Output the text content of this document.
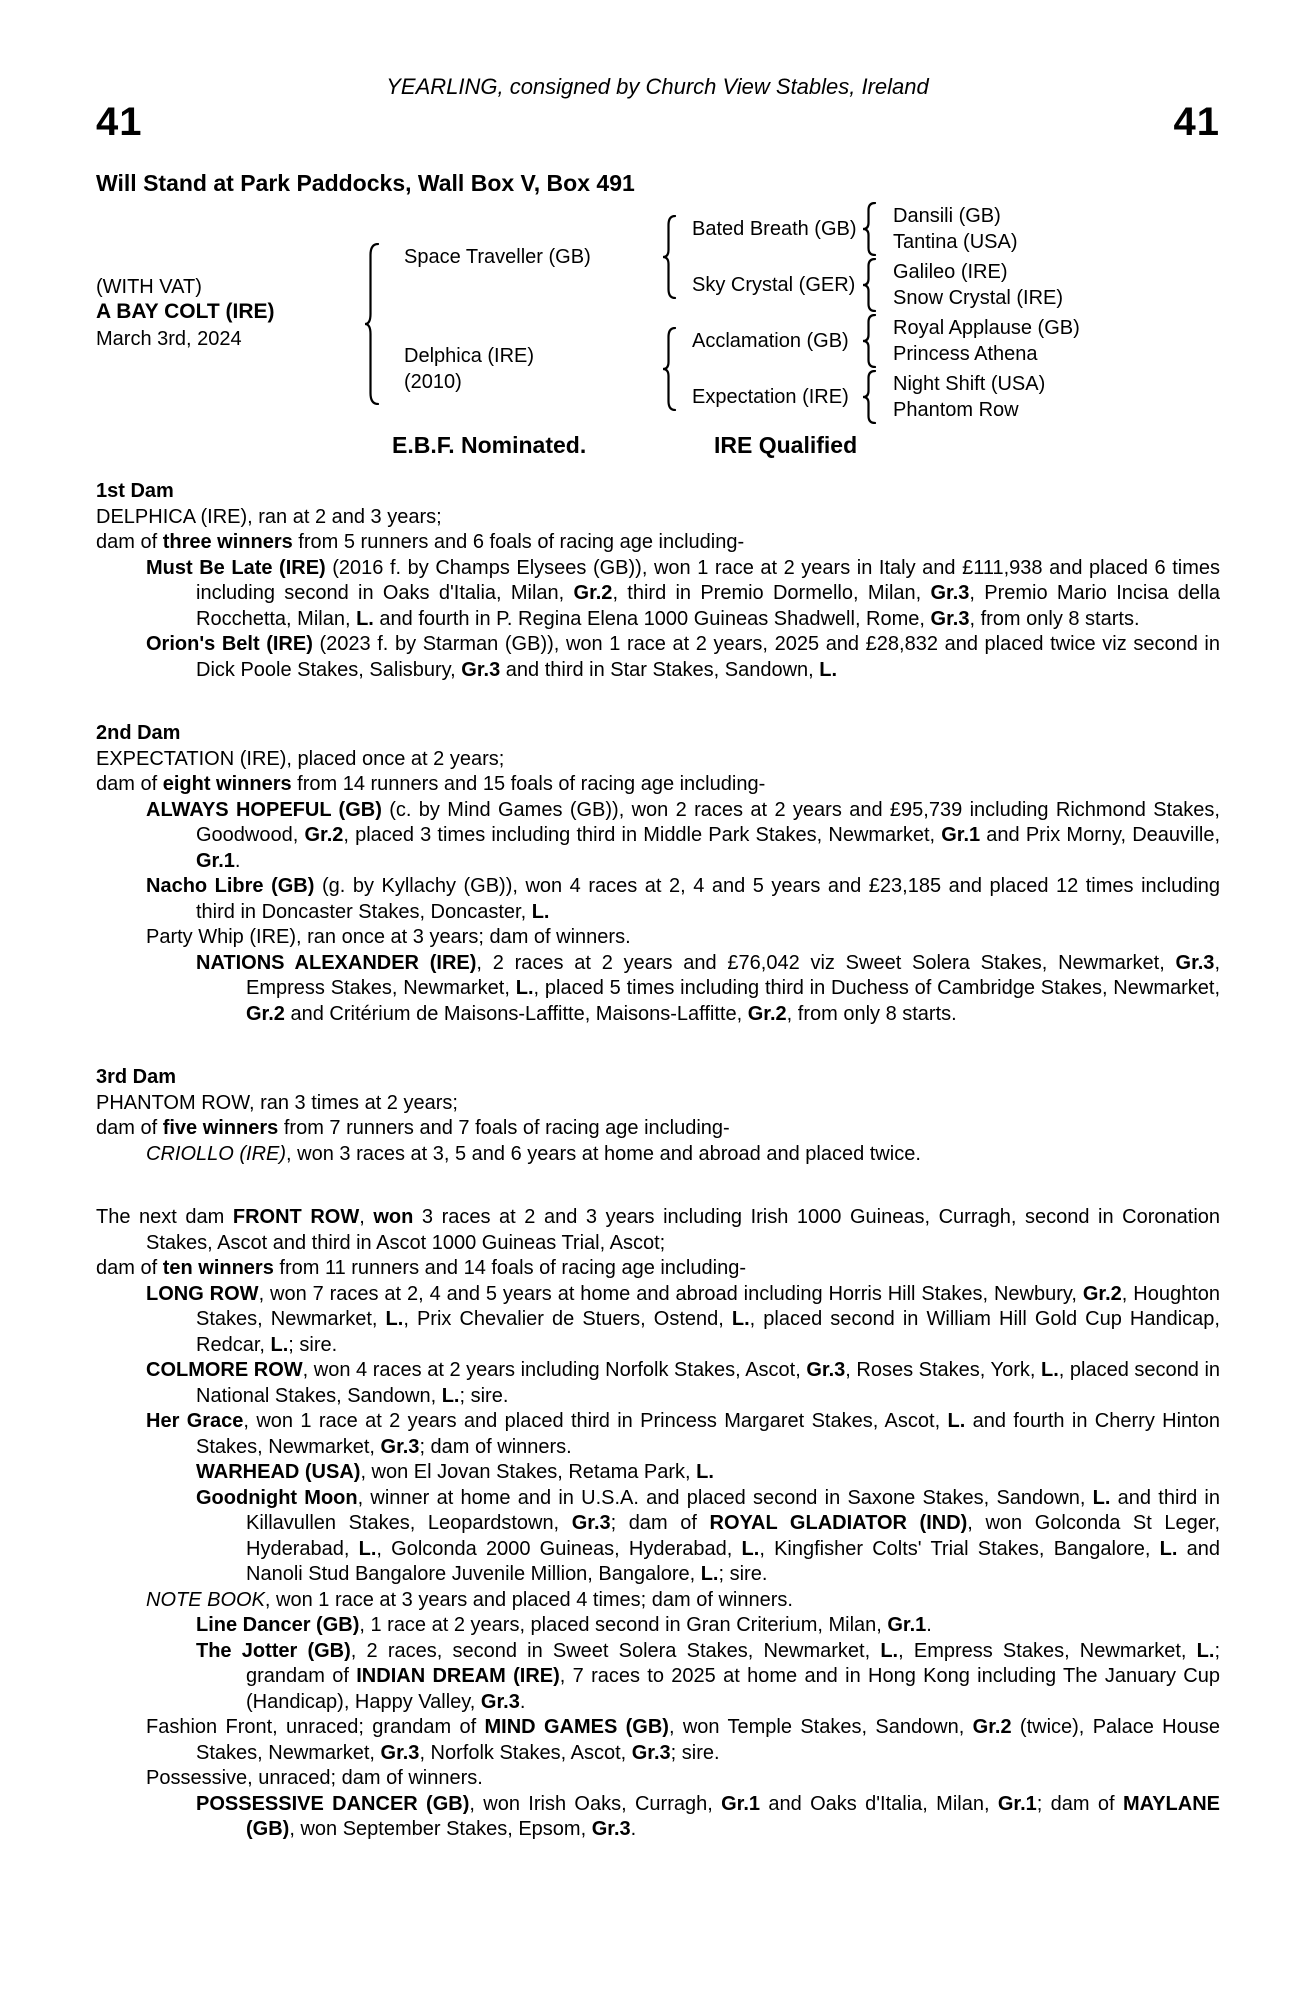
YEARLING, consigned by Church View Stables, Ireland
41	41
Will Stand at Park Paddocks, Wall Box V, Box 491
(WITH VAT)
A BAY COLT (IRE)
March 3rd, 2024
Space Traveller (GB)
Delphica (IRE)
(2010)
Bated Breath (GB)
Sky Crystal (GER)
Acclamation (GB)
Expectation (IRE)
Dansili (GB)
Tantina (USA)
Galileo (IRE)
Snow Crystal (IRE)
Royal Applause (GB)
Princess Athena
Night Shift (USA)
Phantom Row
E.B.F. Nominated.	IRE Qualified
1st Dam

DELPHICA (IRE), ran at 2 and 3 years;

dam of three winners from 5 runners and 6 foals of racing age including-

Must Be Late (IRE) (2016 f. by Champs Elysees (GB)), won 1 race at 2 years in Italy and £111,938 and placed 6 times including second in Oaks d'Italia, Milan, Gr.2, third in Premio Dormello, Milan, Gr.3, Premio Mario Incisa della Rocchetta, Milan, L. and fourth in P. Regina Elena 1000 Guineas Shadwell, Rome, Gr.3, from only 8 starts.

Orion's Belt (IRE) (2023 f. by Starman (GB)), won 1 race at 2 years, 2025 and £28,832 and placed twice viz second in Dick Poole Stakes, Salisbury, Gr.3 and third in Star Stakes, Sandown, L.

2nd Dam

EXPECTATION (IRE), placed once at 2 years;

dam of eight winners from 14 runners and 15 foals of racing age including-

ALWAYS HOPEFUL (GB) (c. by Mind Games (GB)), won 2 races at 2 years and £95,739 including Richmond Stakes, Goodwood, Gr.2, placed 3 times including third in Middle Park Stakes, Newmarket, Gr.1 and Prix Morny, Deauville, Gr.1.

Nacho Libre (GB) (g. by Kyllachy (GB)), won 4 races at 2, 4 and 5 years and £23,185 and placed 12 times including third in Doncaster Stakes, Doncaster, L.

Party Whip (IRE), ran once at 3 years; dam of winners.

NATIONS ALEXANDER (IRE), 2 races at 2 years and £76,042 viz Sweet Solera Stakes, Newmarket, Gr.3, Empress Stakes, Newmarket, L., placed 5 times including third in Duchess of Cambridge Stakes, Newmarket, Gr.2 and Critérium de Maisons-Laffitte, Maisons-Laffitte, Gr.2, from only 8 starts.

3rd Dam

PHANTOM ROW, ran 3 times at 2 years;

dam of five winners from 7 runners and 7 foals of racing age including-

CRIOLLO (IRE), won 3 races at 3, 5 and 6 years at home and abroad and placed twice.

The next dam FRONT ROW, won 3 races at 2 and 3 years including Irish 1000 Guineas, Curragh, second in Coronation Stakes, Ascot and third in Ascot 1000 Guineas Trial, Ascot;

dam of ten winners from 11 runners and 14 foals of racing age including-

LONG ROW, won 7 races at 2, 4 and 5 years at home and abroad including Horris Hill Stakes, Newbury, Gr.2, Houghton Stakes, Newmarket, L., Prix Chevalier de Stuers, Ostend, L., placed second in William Hill Gold Cup Handicap, Redcar, L.; sire.

COLMORE ROW, won 4 races at 2 years including Norfolk Stakes, Ascot, Gr.3, Roses Stakes, York, L., placed second in National Stakes, Sandown, L.; sire.

Her Grace, won 1 race at 2 years and placed third in Princess Margaret Stakes, Ascot, L. and fourth in Cherry Hinton Stakes, Newmarket, Gr.3; dam of winners.

WARHEAD (USA), won El Jovan Stakes, Retama Park, L.

Goodnight Moon, winner at home and in U.S.A. and placed second in Saxone Stakes, Sandown, L. and third in Killavullen Stakes, Leopardstown, Gr.3; dam of ROYAL GLADIATOR (IND), won Golconda St Leger, Hyderabad, L., Golconda 2000 Guineas, Hyderabad, L., Kingfisher Colts' Trial Stakes, Bangalore, L. and Nanoli Stud Bangalore Juvenile Million, Bangalore, L.; sire.

NOTE BOOK, won 1 race at 3 years and placed 4 times; dam of winners.

Line Dancer (GB), 1 race at 2 years, placed second in Gran Criterium, Milan, Gr.1.

The Jotter (GB), 2 races, second in Sweet Solera Stakes, Newmarket, L., Empress Stakes, Newmarket, L.; grandam of INDIAN DREAM (IRE), 7 races to 2025 at home and in Hong Kong including The January Cup (Handicap), Happy Valley, Gr.3.

Fashion Front, unraced; grandam of MIND GAMES (GB), won Temple Stakes, Sandown, Gr.2 (twice), Palace House Stakes, Newmarket, Gr.3, Norfolk Stakes, Ascot, Gr.3; sire.

Possessive, unraced; dam of winners.

POSSESSIVE DANCER (GB), won Irish Oaks, Curragh, Gr.1 and Oaks d'Italia, Milan, Gr.1; dam of MAYLANE (GB), won September Stakes, Epsom, Gr.3.
